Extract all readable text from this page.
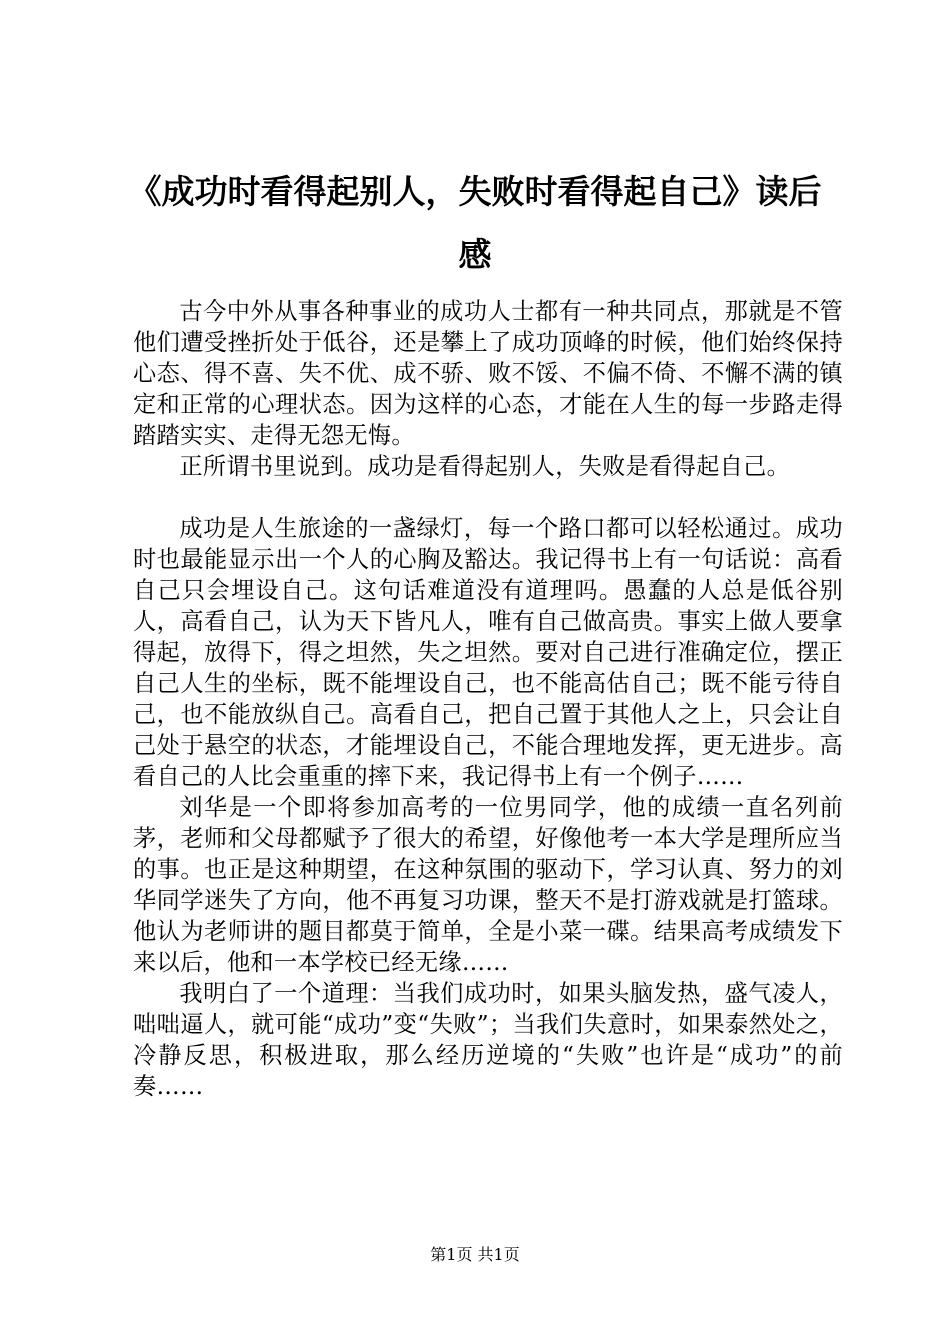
《成功时看得起别人，失败时看得起自己》读后感

古今中外从事各种事业的成功人士都有一种共同点，那就是不管他们遭受挫折处于低谷，还是攀上了成功顶峰的时候，他们始终保持心态、得不喜、失不优、成不骄、败不馁、不偏不倚、不懈不满的镇定和正常的心理状态。因为这样的心态，才能在人生的每一步路走得踏踏实实、走得无怨无悔。

正所谓书里说到。成功是看得起别人，失败是看得起自己。

成功是人生旅途的一盏绿灯，每一个路口都可以轻松通过。成功时也最能显示出一个人的心胸及豁达。我记得书上有一句话说：高看自己只会埋设自己。这句话难道没有道理吗。愚蠢的人总是低谷别人，高看自己，认为天下皆凡人，唯有自己做高贵。事实上做人要拿得起，放得下，得之坦然，失之坦然。要对自己进行准确定位，摆正自己人生的坐标，既不能埋设自己，也不能高估自己；既不能亏待自己，也不能放纵自己。高看自己，把自己置于其他人之上，只会让自己处于悬空的状态，才能埋设自己，不能合理地发挥，更无进步。高看自己的人比会重重的摔下来，我记得书上有一个例子……

刘华是一个即将参加高考的一位男同学，他的成绩一直名列前茅，老师和父母都赋予了很大的希望，好像他考一本大学是理所应当的事。也正是这种期望，在这种氛围的驱动下，学习认真、努力的刘华同学迷失了方向，他不再复习功课，整天不是打游戏就是打篮球。他认为老师讲的题目都莫于简单，全是小菜一碟。结果高考成绩发下来以后，他和一本学校已经无缘……

我明白了一个道理：当我们成功时，如果头脑发热，盛气凌人，咄咄逼人，就可能“成功”变“失败”；当我们失意时，如果泰然处之，冷静反思，积极进取，那么经历逆境的“失败”也许是“成功”的前奏……

第1页 共1页
